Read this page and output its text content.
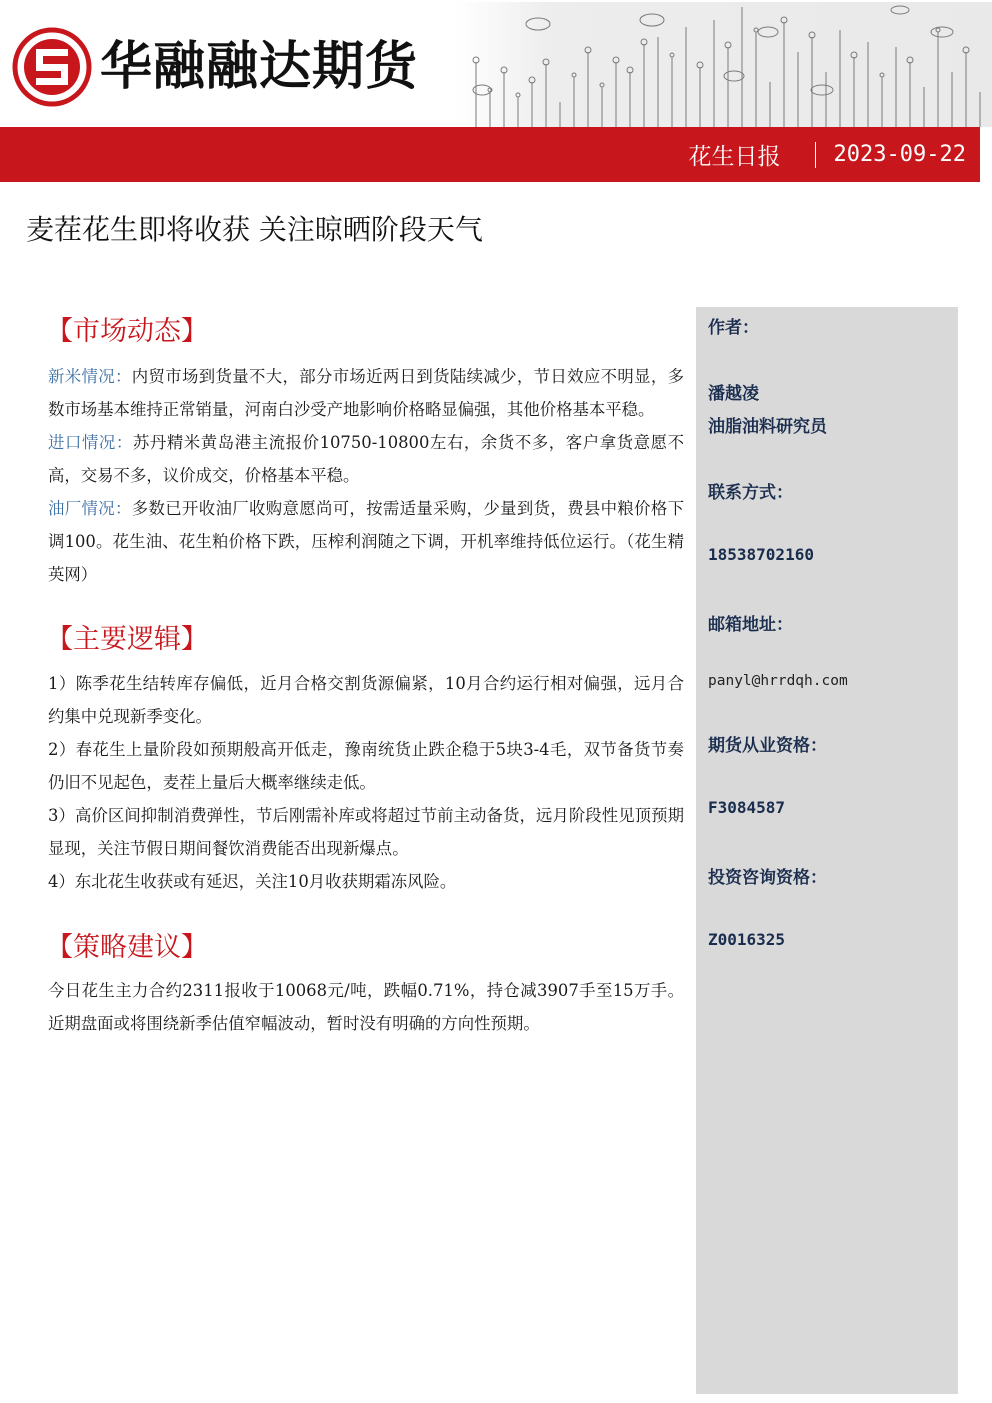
华融融达期货
花生日报 2023-09-22
麦茬花生即将收获 关注晾晒阶段天气
【市场动态】

新米情况：内贸市场到货量不大，部分市场近两日到货陆续减少，节日效应不明显，多数市场基本维持正常销量，河南白沙受产地影响价格略显偏强，其他价格基本平稳。

进口情况：苏丹精米黄岛港主流报价10750-10800左右，余货不多，客户拿货意愿不高，交易不多，议价成交，价格基本平稳。

油厂情况：多数已开收油厂收购意愿尚可，按需适量采购，少量到货，费县中粮价格下调100。花生油、花生粕价格下跌，压榨利润随之下调，开机率维持低位运行。（花生精英网）

【主要逻辑】

1）陈季花生结转库存偏低，近月合格交割货源偏紧，10月合约运行相对偏强，远月合约集中兑现新季变化。

2）春花生上量阶段如预期般高开低走，豫南统货止跌企稳于5块3-4毛，双节备货节奏仍旧不见起色，麦茬上量后大概率继续走低。

3）高价区间抑制消费弹性，节后刚需补库或将超过节前主动备货，远月阶段性见顶预期显现，关注节假日期间餐饮消费能否出现新爆点。

4）东北花生收获或有延迟，关注10月收获期霜冻风险。

【策略建议】

今日花生主力合约2311报收于10068元/吨，跌幅0.71%，持仓减3907手至15万手。近期盘面或将围绕新季估值窄幅波动，暂时没有明确的方向性预期。

作者：
潘越凌
油脂油料研究员
联系方式：
18538702160
邮箱地址：
panyl@hrrdqh.com
期货从业资格：
F3084587
投资咨询资格：
Z0016325
